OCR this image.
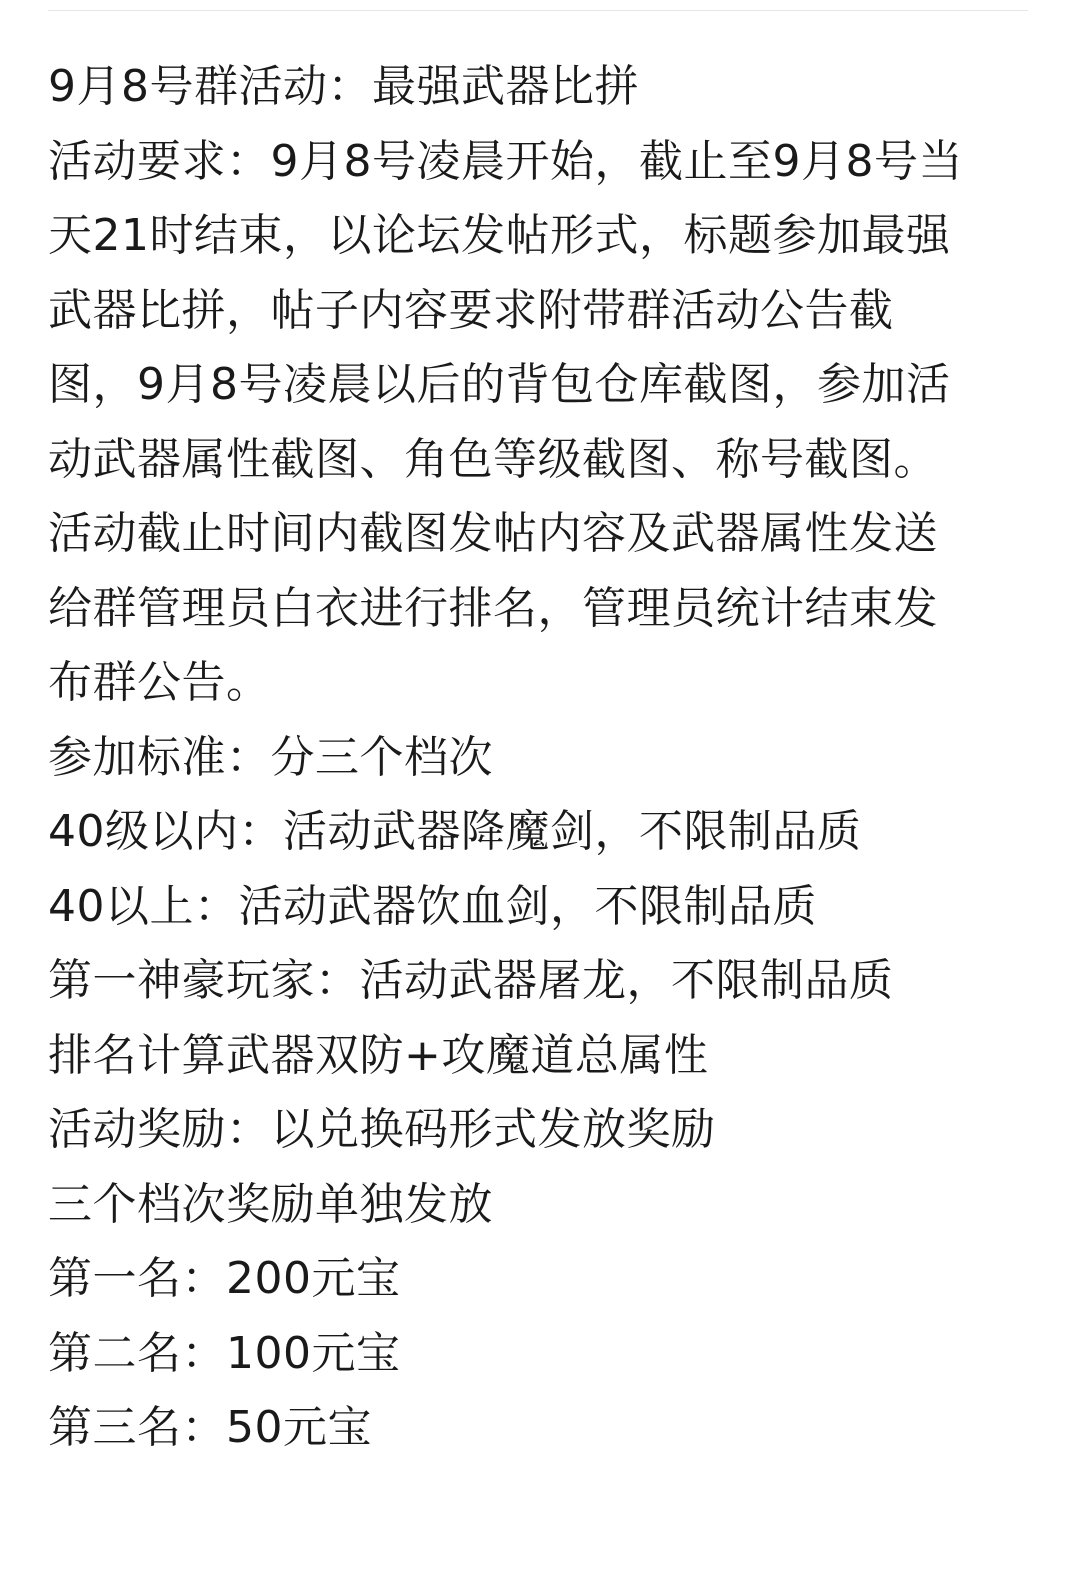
9月8号群活动：最强武器比拼

活动要求：9月8号凌晨开始，截止至9月8号当

天21时结束，以论坛发帖形式，标题参加最强

武器比拼，帖子内容要求附带群活动公告截

图，9月8号凌晨以后的背包仓库截图，参加活

动武器属性截图、角色等级截图、称号截图。

活动截止时间内截图发帖内容及武器属性发送

给群管理员白衣进行排名，管理员统计结束发

布群公告。

参加标准：分三个档次

40级以内：活动武器降魔剑，不限制品质

40以上：活动武器饮血剑，不限制品质

第一神豪玩家：活动武器屠龙，不限制品质

排名计算武器双防+攻魔道总属性

活动奖励：以兑换码形式发放奖励

三个档次奖励单独发放

第一名：200元宝

第二名：100元宝

第三名：50元宝
